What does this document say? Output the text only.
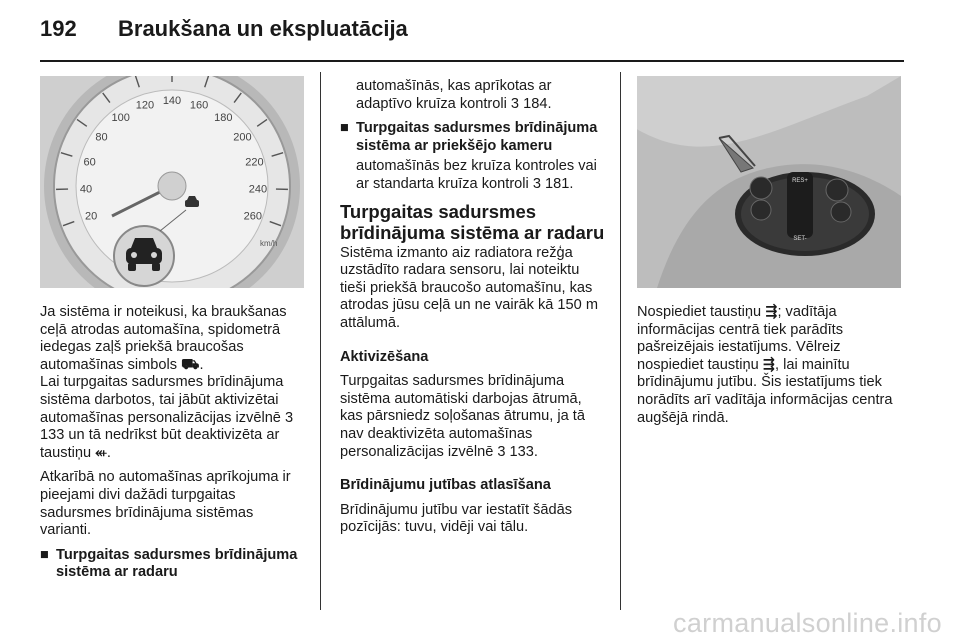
192 Braukšana un ekspluatācija
20
40
60
80
100
120 140 160
180
200
220
240
260
km/h

Ja sistēma ir noteikusi, ka braukšanas ceļā atrodas automašīna, spidometrā iedegas zaļš priekšā braucošas automašīnas simbols ⛟.
Lai turpgaitas sadursmes brīdinājuma sistēma darbotos, tai jābūt aktivizētai automašīnas personalizācijas izvēlnē 3 133 un tā nedrīkst būt deaktivizēta ar taustiņu ⬴.

Atkarībā no automašīnas aprīkojuma ir pieejami divi dažādi turpgaitas sadursmes brīdinājuma sistēmas varianti.

■ Turpgaitas sadursmes brīdinājuma sistēma ar radaru

automašīnās, kas aprīkotas ar adaptīvo kruīza kontroli 3 184.

■ Turpgaitas sadursmes brīdinājuma sistēma ar priekšējo kameru

automašīnās bez kruīza kontroles vai ar standarta kruīza kontroli 3 181.

Turpgaitas sadursmes brīdinājuma sistēma ar radaru

Sistēma izmanto aiz radiatora režģa uzstādīto radara sensoru, lai noteiktu tieši priekšā braucošo automašīnu, kas atrodas jūsu ceļā un ne vairāk kā 150 m attālumā.

Aktivizēšana

Turpgaitas sadursmes brīdinājuma sistēma automātiski darbojas ātrumā, kas pārsniedz soļošanas ātrumu, ja tā nav deaktivizēta automašīnas personalizācijas izvēlnē 3 133.

Brīdinājumu jutības atlasīšana

Brīdinājumu jutību var iestatīt šādās pozīcijās: tuvu, vidēji vai tālu.

RES+
SET-

Nospiediet taustiņu ⇶; vadītāja informācijas centrā tiek parādīts pašreizējais iestatījums. Vēlreiz nospiediet taustiņu ⇶, lai mainītu brīdinājumu jutību. Šis iestatījums tiek norādīts arī vadītāja informācijas centra augšējā rindā.

carmanualsonline.info
